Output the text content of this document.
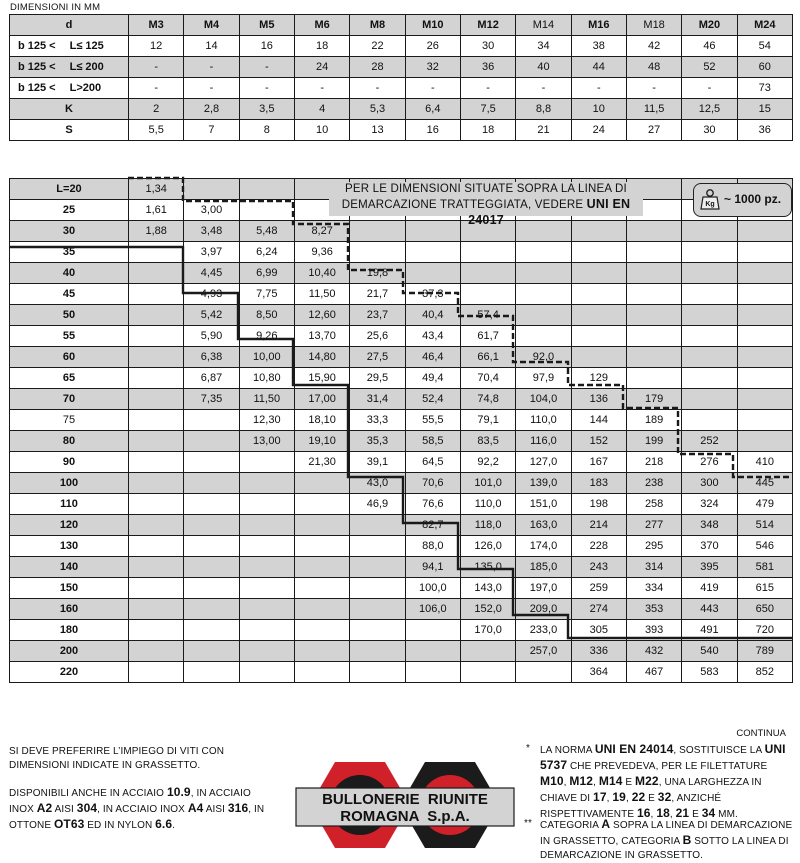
DIMENSIONI IN MM
d	M3	M4	M5	M6	M8	M10	M12	M14	M16	M18	M20	M24
b 125 < L≤ 125	12	14	16	18	22	26	30	34	38	42	46	54
b 125 < L≤ 200	-	-	-	24	28	32	36	40	44	48	52	60
b 125 < L>200	-	-	-	-	-	-	-	-	-	-	-	73
K	2	2,8	3,5	4	5,3	6,4	7,5	8,8	10	11,5	12,5	15
S	5,5	7	8	10	13	16	18	21	24	27	30	36
L=20	1,34											
25	1,61	3,00										
30	1,88	3,48	5,48	8,27								
35		3,97	6,24	9,36								
40		4,45	6,99	10,40	19,8							
45		4,93	7,75	11,50	21,7	37,3						
50		5,42	8,50	12,60	23,7	40,4	57,4					
55		5,90	9,26	13,70	25,6	43,4	61,7					
60		6,38	10,00	14,80	27,5	46,4	66,1	92,0				
65		6,87	10,80	15,90	29,5	49,4	70,4	97,9	129			
70		7,35	11,50	17,00	31,4	52,4	74,8	104,0	136	179		
75			12,30	18,10	33,3	55,5	79,1	110,0	144	189		
80			13,00	19,10	35,3	58,5	83,5	116,0	152	199	252	
90				21,30	39,1	64,5	92,2	127,0	167	218	276	410
100					43,0	70,6	101,0	139,0	183	238	300	445
110					46,9	76,6	110,0	151,0	198	258	324	479
120						82,7	118,0	163,0	214	277	348	514
130						88,0	126,0	174,0	228	295	370	546
140						94,1	135,0	185,0	243	314	395	581
150						100,0	143,0	197,0	259	334	419	615
160						106,0	152,0	209,0	274	353	443	650
180							170,0	233,0	305	393	491	720
200								257,0	336	432	540	789
220									364	467	583	852
PER LE DIMENSIONI SITUATE SOPRA LA LINEA DI
DEMARCAZIONE TRATTEGGIATA, VEDERE UNI EN 24017
Kg ~ 1000 pz.
CONTINUA
SI DEVE PREFERIRE L’IMPIEGO DI VITI CON DIMENSIONI INDICATE IN GRASSETTO.
DISPONIBILI ANCHE IN ACCIAIO 10.9, IN ACCIAIO INOX A2 AISI 304, IN ACCIAIO INOX A4 AISI 316, IN OTTONE OT63 ED IN NYLON 6.6.
* LA NORMA UNI EN 24014, SOSTITUISCE LA UNI 5737 CHE PREVEDEVA, PER LE FILETTATURE M10, M12, M14 E M22, UNA LARGHEZZA IN CHIAVE DI 17, 19, 22 E 32, ANZICHÉ RISPETTIVAMENTE 16, 18, 21 E 34 MM.
** CATEGORIA A SOPRA LA LINEA DI DEMARCAZIONE IN GRASSETTO, CATEGORIA B SOTTO LA LINEA DI DEMARCAZIONE IN GRASSETTO.
BULLONERIE  RIUNITE
ROMAGNA  S.p.A.
